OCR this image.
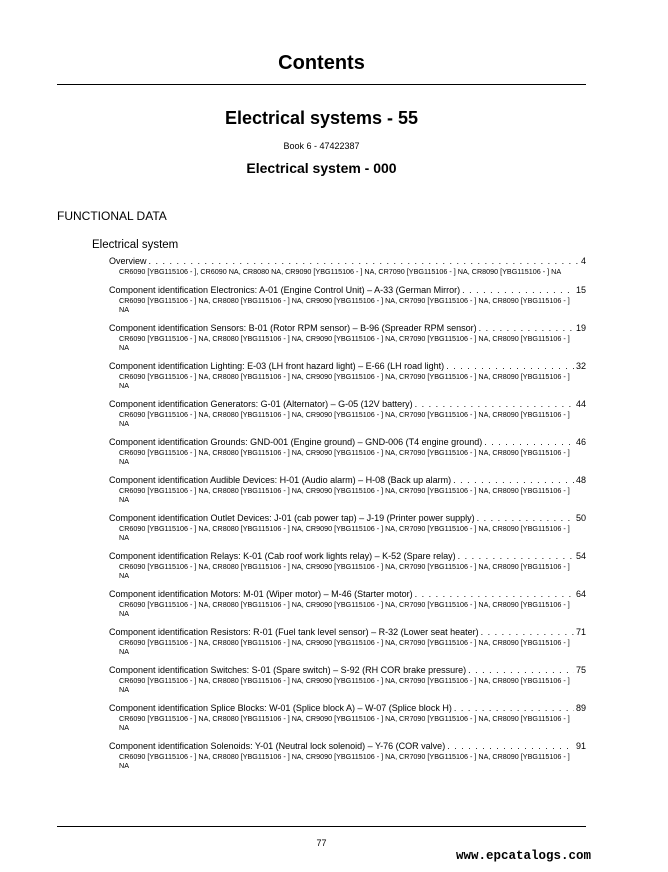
Contents
Electrical systems - 55
Book 6 - 47422387
Electrical system - 000
FUNCTIONAL DATA
Electrical system
Overview . . .	4
CR6090 [YBG115106 - ], CR6090 NA, CR8080 NA, CR9090 [YBG115106 - ] NA, CR7090 [YBG115106 - ] NA, CR8090 [YBG115106 - ] NA
Component identification Electronics: A-01 (Engine Control Unit) – A-33 (German Mirror) . . .	15
CR6090 [YBG115106 - ] NA, CR8080 [YBG115106 - ] NA, CR9090 [YBG115106 - ] NA, CR7090 [YBG115106 - ] NA, CR8090 [YBG115106 - ] NA
Component identification Sensors: B-01 (Rotor RPM sensor) – B-96 (Spreader RPM sensor) . . .	19
CR6090 [YBG115106 - ] NA, CR8080 [YBG115106 - ] NA, CR9090 [YBG115106 - ] NA, CR7090 [YBG115106 - ] NA, CR8090 [YBG115106 - ] NA
Component identification Lighting: E-03 (LH front hazard light) – E-66 (LH road light) . . .	32
CR6090 [YBG115106 - ] NA, CR8080 [YBG115106 - ] NA, CR9090 [YBG115106 - ] NA, CR7090 [YBG115106 - ] NA, CR8090 [YBG115106 - ] NA
Component identification Generators: G-01 (Alternator) – G-05 (12V battery) . . .	44
CR6090 [YBG115106 - ] NA, CR8080 [YBG115106 - ] NA, CR9090 [YBG115106 - ] NA, CR7090 [YBG115106 - ] NA, CR8090 [YBG115106 - ] NA
Component identification Grounds: GND-001 (Engine ground) – GND-006 (T4 engine ground) . . .	46
CR6090 [YBG115106 - ] NA, CR8080 [YBG115106 - ] NA, CR9090 [YBG115106 - ] NA, CR7090 [YBG115106 - ] NA, CR8090 [YBG115106 - ] NA
Component identification Audible Devices: H-01 (Audio alarm) – H-08 (Back up alarm) . . .	48
CR6090 [YBG115106 - ] NA, CR8080 [YBG115106 - ] NA, CR9090 [YBG115106 - ] NA, CR7090 [YBG115106 - ] NA, CR8090 [YBG115106 - ] NA
Component identification Outlet Devices: J-01 (cab power tap) – J-19 (Printer power supply) . . .	50
CR6090 [YBG115106 - ] NA, CR8080 [YBG115106 - ] NA, CR9090 [YBG115106 - ] NA, CR7090 [YBG115106 - ] NA, CR8090 [YBG115106 - ] NA
Component identification Relays: K-01 (Cab roof work lights relay) – K-52 (Spare relay) . . .	54
CR6090 [YBG115106 - ] NA, CR8080 [YBG115106 - ] NA, CR9090 [YBG115106 - ] NA, CR7090 [YBG115106 - ] NA, CR8090 [YBG115106 - ] NA
Component identification Motors: M-01 (Wiper motor) – M-46 (Starter motor) . . .	64
CR6090 [YBG115106 - ] NA, CR8080 [YBG115106 - ] NA, CR9090 [YBG115106 - ] NA, CR7090 [YBG115106 - ] NA, CR8090 [YBG115106 - ] NA
Component identification Resistors: R-01 (Fuel tank level sensor) – R-32 (Lower seat heater) . . .	71
CR6090 [YBG115106 - ] NA, CR8080 [YBG115106 - ] NA, CR9090 [YBG115106 - ] NA, CR7090 [YBG115106 - ] NA, CR8090 [YBG115106 - ] NA
Component identification Switches: S-01 (Spare switch) – S-92 (RH COR brake pressure) . . .	75
CR6090 [YBG115106 - ] NA, CR8080 [YBG115106 - ] NA, CR9090 [YBG115106 - ] NA, CR7090 [YBG115106 - ] NA, CR8090 [YBG115106 - ] NA
Component identification Splice Blocks: W-01 (Splice block A) – W-07 (Splice block H) . . .	89
CR6090 [YBG115106 - ] NA, CR8080 [YBG115106 - ] NA, CR9090 [YBG115106 - ] NA, CR7090 [YBG115106 - ] NA, CR8090 [YBG115106 - ] NA
Component identification Solenoids: Y-01 (Neutral lock solenoid) – Y-76 (COR valve) . . .	91
CR6090 [YBG115106 - ] NA, CR8080 [YBG115106 - ] NA, CR9090 [YBG115106 - ] NA, CR7090 [YBG115106 - ] NA, CR8090 [YBG115106 - ] NA
77
www.epcatalogs.com
